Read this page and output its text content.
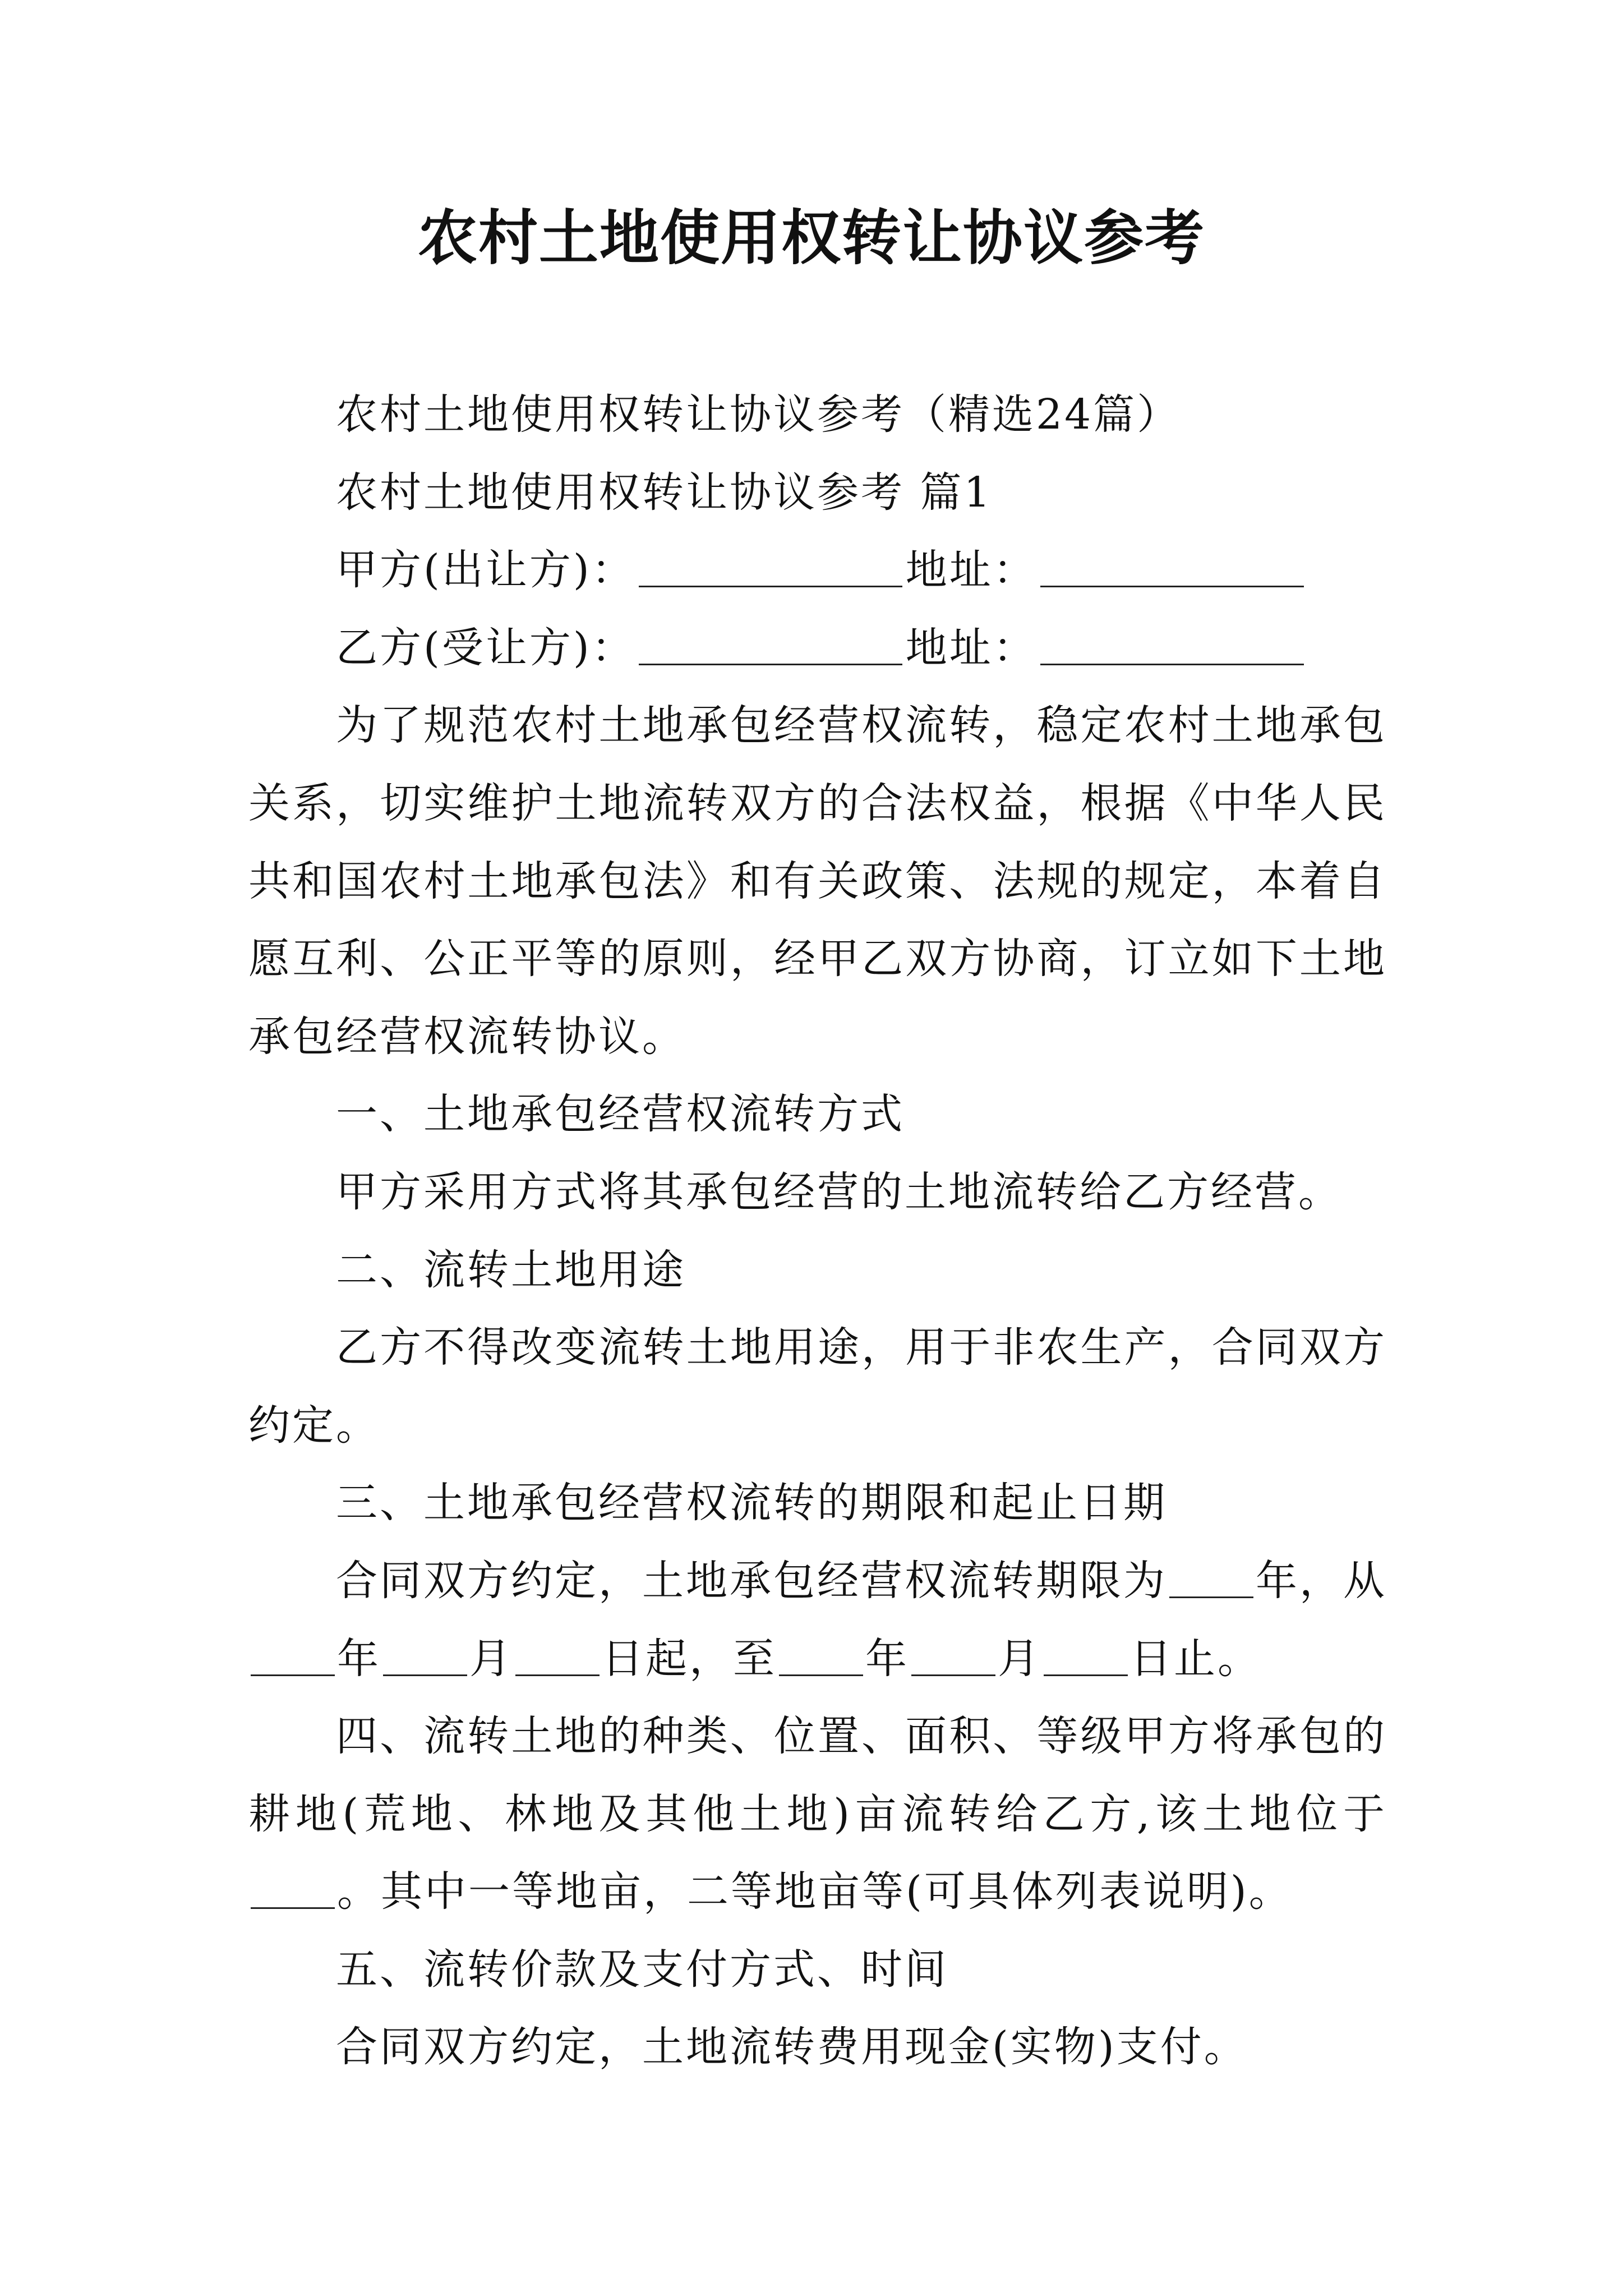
农村土地使用权转让协议参考

农村土地使用权转让协议参考（精选24篇）

农村土地使用权转让协议参考 篇1

甲方(出让方)：	地址：

乙方(受让方)：	地址：

为了规范农村土地承包经营权流转，稳定农村土地承包关系，切实维护土地流转双方的合法权益，根据《中华人民共和国农村土地承包法》和有关政策、法规的规定，本着自愿互利、公正平等的原则，经甲乙双方协商，订立如下土地承包经营权流转协议。

一、土地承包经营权流转方式

甲方采用方式将其承包经营的土地流转给乙方经营。

二、流转土地用途

乙方不得改变流转土地用途，用于非农生产，合同双方约定。

三、土地承包经营权流转的期限和起止日期

合同双方约定，土地承包经营权流转期限为 年，从年 月 日起，至 年 月 日止。

四、流转土地的种类、位置、面积、等级甲方将承包的耕地(荒地、林地及其他土地)亩流转给乙方,该土地位于。其中一等地亩，二等地亩等(可具体列表说明)。

五、流转价款及支付方式、时间

合同双方约定，土地流转费用现金(实物)支付。
